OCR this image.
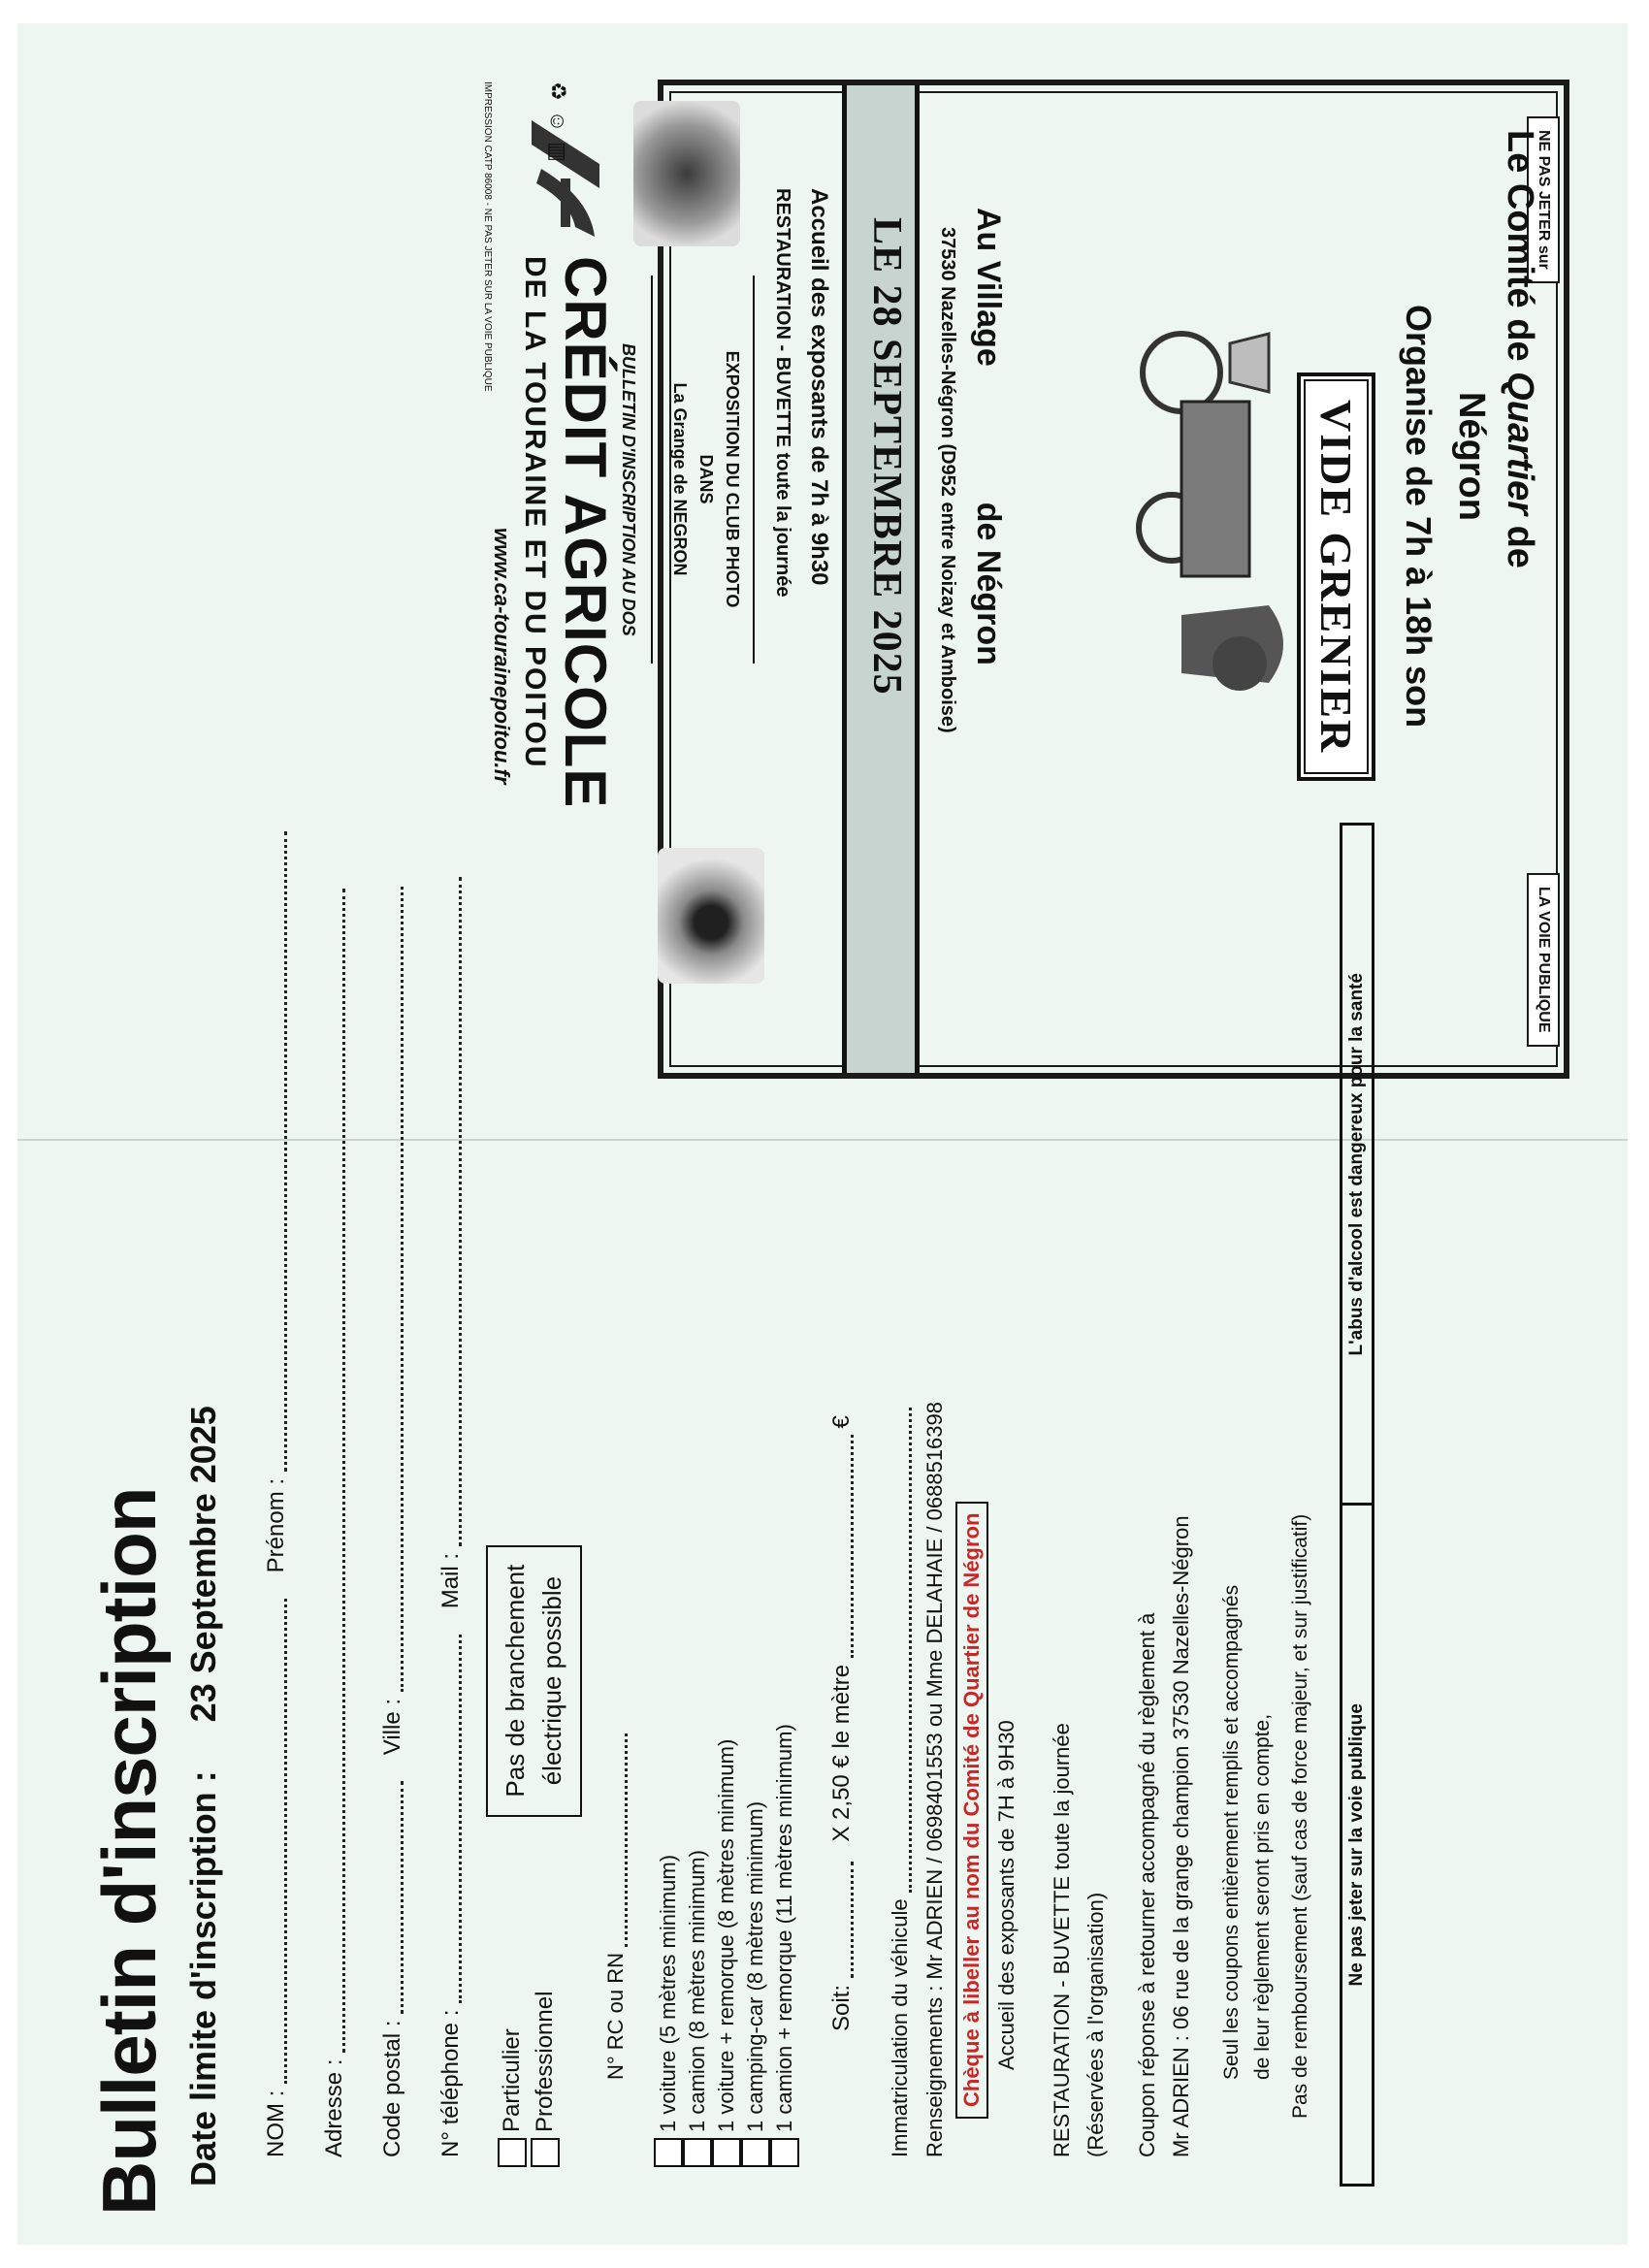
NE PAS JETER sur
LA VOIE PUBLIQUE
Le Comité de Quartier de
Négron
Organise de 7h à 18h son
VIDE GRENIER
Au Villagede Négron
37530 Nazelles-Négron (D952 entre Noizay et Amboise)
LE 28 SEPTEMBRE 2025
Accueil des exposants de 7h à 9h30
RESTAURATION - BUVETTE toute la journée
EXPOSITION DU CLUB PHOTO
DANS
La Grange de NEGRON
BULLETIN D'INSCRIPTION AU DOS
CRÉDIT AGRICOLE
DE LA TOURAINE ET DU POITOU
www.ca-tourainepoitou.fr
♻☺▥
IMPRESSION CATP 86008 - NE PAS JETER SUR LA VOIE PUBLIQUE
Bulletin d'inscription Date limite d'inscription : 23 Septembre 2025
NOM :  Prénom :
Adresse : Code postal :  Ville :
N° téléphone :  Mail :
Particulier Professionnel
Pas de branchement électrique possible
N° RC ou RN 1 voiture (5 mètres minimum) 1 camion (8 mètres minimum) 1 voiture + remorque (8 mètres minimum) 1 camping-car (8 mètres minimum) 1 camion + remorque (11 mètres minimum) Soit:  X 2,50 € le mètre  €
Immatriculation du véhicule Renseignements : Mr ADRIEN / 0698401553 ou Mme DELAHAIE / 0688516398 Chèque à libeller au nom du Comité de Quartier de Négron Accueil des exposants de 7H à 9H30 RESTAURATION - BUVETTE toute la journée (Réservées à l'organisation) Coupon réponse à retourner accompagné du règlement à Mr ADRIEN : 06 rue de la grange champion 37530 Nazelles-Négron Seul les coupons entièrement remplis et accompagnés de leur règlement seront pris en compte, Pas de remboursement (sauf cas de force majeur, et sur justificatif) Ne pas jeter sur la voie publique
L'abus d'alcool est dangereux pour la santé
